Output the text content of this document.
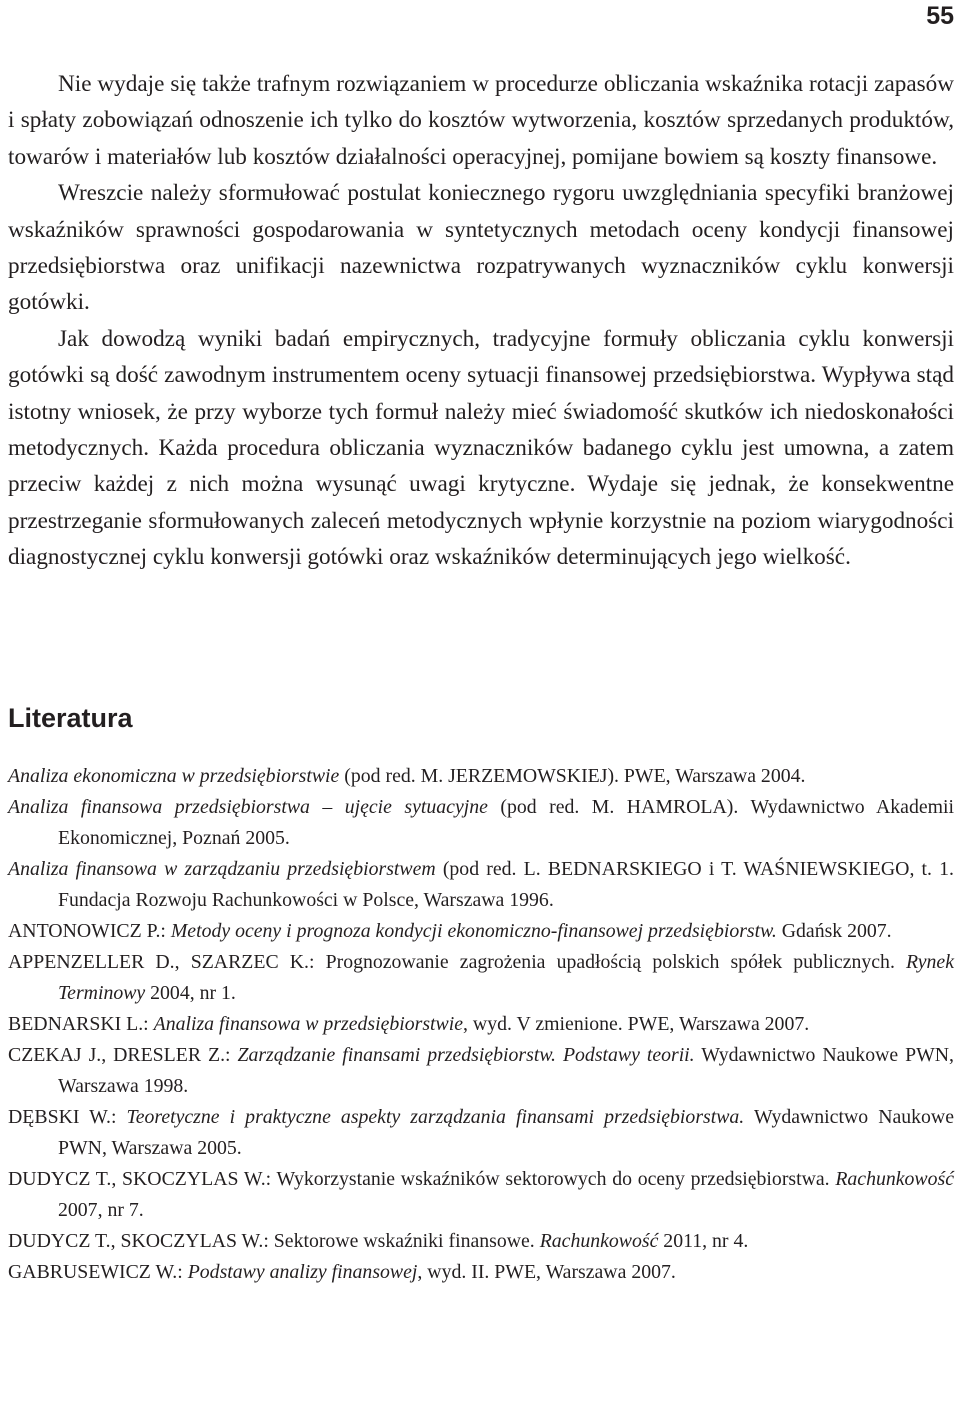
55

Nie wydaje się także trafnym rozwiązaniem w procedurze obliczania wskaźnika rotacji zapasów i spłaty zobowiązań odnoszenie ich tylko do kosztów wytworzenia, kosztów sprzedanych produktów, towarów i materiałów lub kosztów działalności operacyjnej, pomijane bowiem są koszty finansowe.

Wreszcie należy sformułować postulat koniecznego rygoru uwzględniania specyfiki branżowej wskaźników sprawności gospodarowania w syntetycznych metodach oceny kondycji finansowej przedsiębiorstwa oraz unifikacji nazewnictwa rozpatrywanych wyznaczników cyklu konwersji gotówki.

Jak dowodzą wyniki badań empirycznych, tradycyjne formuły obliczania cyklu konwersji gotówki są dość zawodnym instrumentem oceny sytuacji finansowej przedsiębiorstwa. Wypływa stąd istotny wniosek, że przy wyborze tych formuł należy mieć świadomość skutków ich niedoskonałości metodycznych. Każda procedura obliczania wyznaczników badanego cyklu jest umowna, a zatem przeciw każdej z nich można wysunąć uwagi krytyczne. Wydaje się jednak, że konsekwentne przestrzeganie sformułowanych zaleceń metodycznych wpłynie korzystnie na poziom wiarygodności diagnostycznej cyklu konwersji gotówki oraz wskaźników determinujących jego wielkość.

Literatura
Analiza ekonomiczna w przedsiębiorstwie (pod red. M. JERZEMOWSKIEJ). PWE, Warszawa 2004.
Analiza finansowa przedsiębiorstwa – ujęcie sytuacyjne (pod red. M. HAMROLA). Wydawnictwo Akademii Ekonomicznej, Poznań 2005.
Analiza finansowa w zarządzaniu przedsiębiorstwem (pod red. L. BEDNARSKIEGO i T. WAŚNIEWSKIEGO, t. 1. Fundacja Rozwoju Rachunkowości w Polsce, Warszawa 1996.
ANTONOWICZ P.: Metody oceny i prognoza kondycji ekonomiczno-finansowej przedsiębiorstw. Gdańsk 2007.
APPENZELLER D., SZARZEC K.: Prognozowanie zagrożenia upadłością polskich spółek publicznych. Rynek Terminowy 2004, nr 1.
BEDNARSKI L.: Analiza finansowa w przedsiębiorstwie, wyd. V zmienione. PWE, Warszawa 2007.
CZEKAJ J., DRESLER Z.: Zarządzanie finansami przedsiębiorstw. Podstawy teorii. Wydawnictwo Naukowe PWN, Warszawa 1998.
DĘBSKI W.: Teoretyczne i praktyczne aspekty zarządzania finansami przedsiębiorstwa. Wydawnictwo Naukowe PWN, Warszawa 2005.
DUDYCZ T., SKOCZYLAS W.: Wykorzystanie wskaźników sektorowych do oceny przedsiębiorstwa. Rachunkowość 2007, nr 7.
DUDYCZ T., SKOCZYLAS W.: Sektorowe wskaźniki finansowe. Rachunkowość 2011, nr 4.
GABRUSEWICZ W.: Podstawy analizy finansowej, wyd. II. PWE, Warszawa 2007.
